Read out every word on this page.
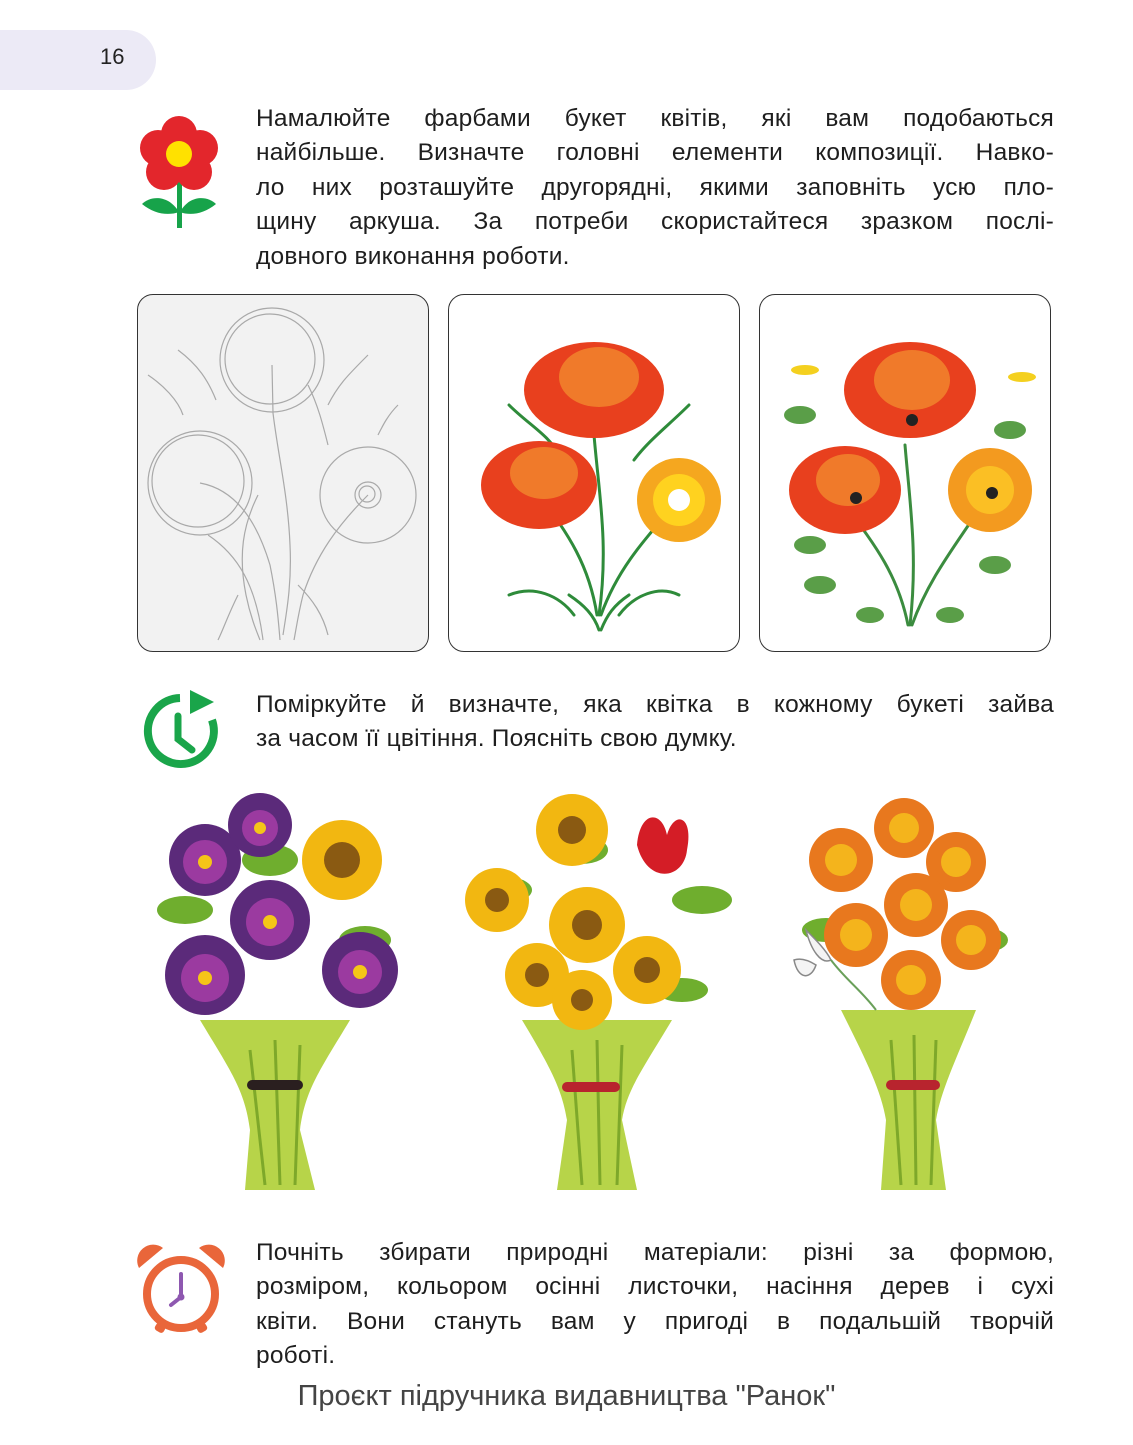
16
Намалюйте фарбами букет квітів, які вам подобаються
найбільше. Визначте головні елементи композиції. Навко-
ло них розташуйте другорядні, якими заповніть усю пло-
щину аркуша. За потреби скористайтеся зразком послі-
довного виконання роботи.
Поміркуйте й визначте, яка квітка в кожному букеті зайва
за часом її цвітіння. Поясніть свою думку.
Почніть збирати природні матеріали: різні за формою,
розміром, кольором осінні листочки, насіння дерев і сухі
квіти. Вони стануть вам у пригоді в подальшій творчій
роботі.
Проєкт підручника видавництва "Ранок"
